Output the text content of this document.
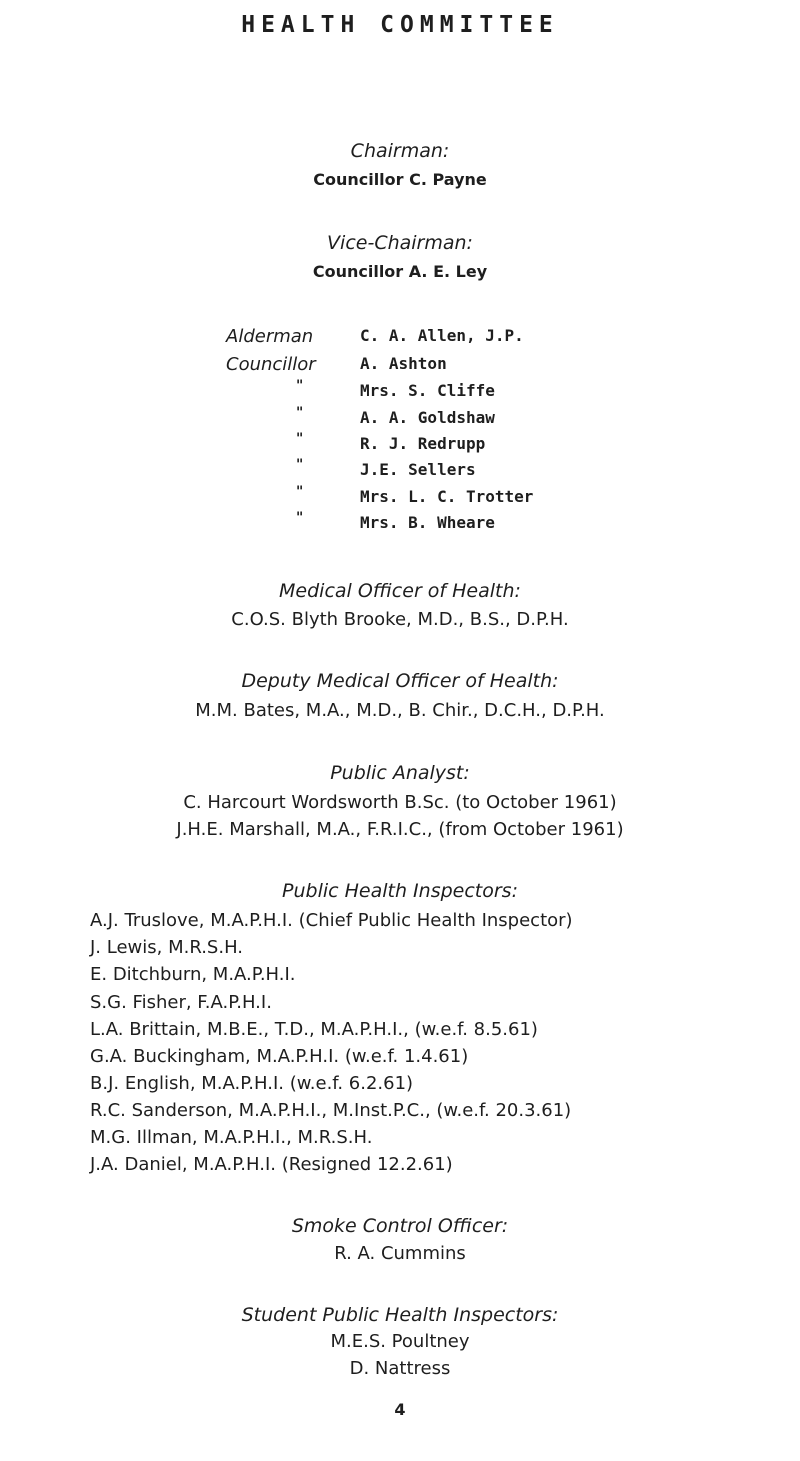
HEALTH COMMITTEE
Chairman:
Councillor C. Payne
Vice-Chairman:
Councillor A. E. Ley
Alderman	C. A. Allen, J.P.
Councillor	A. Ashton
"	Mrs. S. Cliffe
"	A. A. Goldshaw
"	R. J. Redrupp
"	J.E. Sellers
"	Mrs. L. C. Trotter
"	Mrs. B. Wheare
Medical Officer of Health:
C.O.S. Blyth Brooke, M.D., B.S., D.P.H.
Deputy Medical Officer of Health:
M.M. Bates, M.A., M.D., B. Chir., D.C.H., D.P.H.
Public Analyst:
C. Harcourt Wordsworth B.Sc. (to October 1961)
J.H.E. Marshall, M.A., F.R.I.C., (from October 1961)
Public Health Inspectors:
A.J. Truslove, M.A.P.H.I. (Chief Public Health Inspector)
J. Lewis, M.R.S.H.
E. Ditchburn, M.A.P.H.I.
S.G. Fisher, F.A.P.H.I.
L.A. Brittain, M.B.E., T.D., M.A.P.H.I., (w.e.f. 8.5.61)
G.A. Buckingham, M.A.P.H.I. (w.e.f. 1.4.61)
B.J. English, M.A.P.H.I. (w.e.f. 6.2.61)
R.C. Sanderson, M.A.P.H.I., M.Inst.P.C., (w.e.f. 20.3.61)
M.G. Illman, M.A.P.H.I., M.R.S.H.
J.A. Daniel, M.A.P.H.I. (Resigned 12.2.61)
Smoke Control Officer:
R. A. Cummins
Student Public Health Inspectors:
M.E.S. Poultney
D. Nattress
4
